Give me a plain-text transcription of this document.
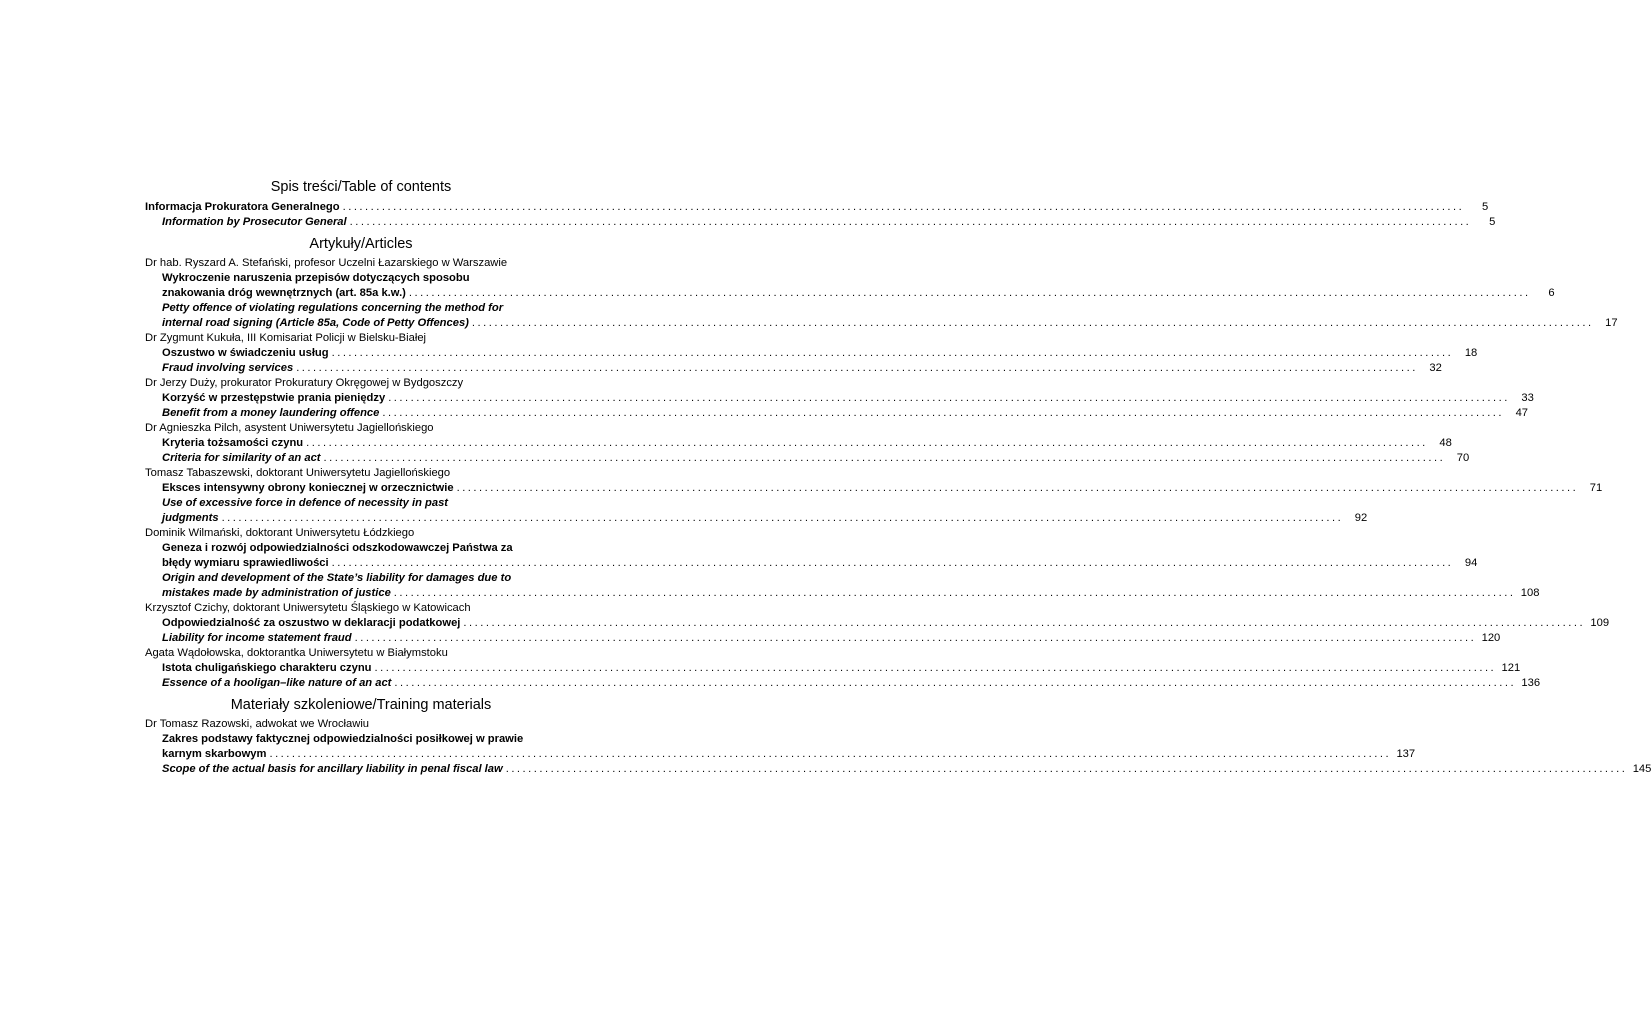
Spis treści/Table of contents
Informacja Prokuratora Generalnego ........................................................................................................................................................................................................	5
Information by Prosecutor General ........................................................................................................................................................................................................	5
Artykuły/Articles
Dr hab. Ryszard A. Stefański, profesor Uczelni Łazarskiego w Warszawie
Wykroczenie naruszenia przepisów dotyczących sposobu
znakowania dróg wewnętrznych (art. 85a k.w.) ........................................................................................................................................................................................................	6
Petty offence of violating regulations concerning the method for
internal road signing (Article 85a, Code of Petty Offences) ........................................................................................................................................................................................................	17
Dr Zygmunt Kukuła, III Komisariat Policji w Bielsku-Białej
Oszustwo w świadczeniu usług ........................................................................................................................................................................................................	18
Fraud involving services ........................................................................................................................................................................................................	32
Dr Jerzy Duży, prokurator Prokuratury Okręgowej w Bydgoszczy
Korzyść w przestępstwie prania pieniędzy ........................................................................................................................................................................................................	33
Benefit from a money laundering offence ........................................................................................................................................................................................................	47
Dr Agnieszka Pilch, asystent Uniwersytetu Jagiellońskiego
Kryteria tożsamości czynu ........................................................................................................................................................................................................	48
Criteria for similarity of an act ........................................................................................................................................................................................................	70
Tomasz Tabaszewski, doktorant Uniwersytetu Jagiellońskiego
Eksces intensywny obrony koniecznej w orzecznictwie ........................................................................................................................................................................................................	71
Use of excessive force in defence of necessity in past
judgments ........................................................................................................................................................................................................	92
Dominik Wilmański, doktorant Uniwersytetu Łódzkiego
Geneza i rozwój odpowiedzialności odszkodowawczej Państwa za
błędy wymiaru sprawiedliwości ........................................................................................................................................................................................................	94
Origin and development of the State’s liability for damages due to
mistakes made by administration of justice ........................................................................................................................................................................................................ 108
Krzysztof Czichy, doktorant Uniwersytetu Śląskiego w Katowicach
Odpowiedzialność za oszustwo w deklaracji podatkowej ........................................................................................................................................................................................................ 109
Liability for income statement fraud ........................................................................................................................................................................................................ 120
Agata Wądołowska, doktorantka Uniwersytetu w Białymstoku
Istota chuligańskiego charakteru czynu ........................................................................................................................................................................................................ 121
Essence of a hooligan–like nature of an act ........................................................................................................................................................................................................ 136
Materiały szkoleniowe/Training materials
Dr Tomasz Razowski, adwokat we Wrocławiu
Zakres podstawy faktycznej odpowiedzialności posiłkowej w prawie
karnym skarbowym ........................................................................................................................................................................................................ 137
Scope of the actual basis for ancillary liability in penal fiscal law ........................................................................................................................................................................................................ 145
